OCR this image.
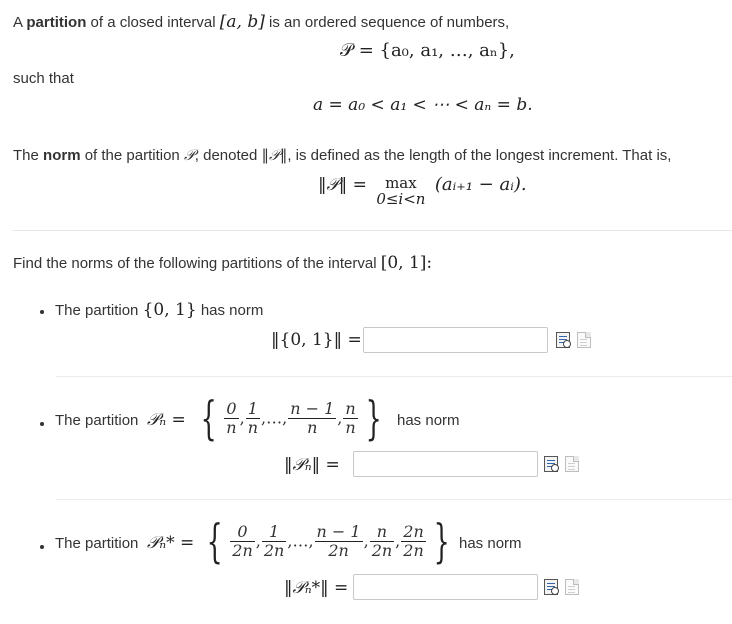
A partition of a closed interval [a, b] is an ordered sequence of numbers,
𝒫 = {a₀, a₁, …, aₙ},
such that
a = a₀ < a₁ < ⋯ < aₙ = b.
The norm of the partition 𝒫, denoted ‖𝒫‖, is defined as the length of the longest increment. That is,
‖𝒫‖ =	max
0≤i<n
(aᵢ₊₁ − aᵢ).
Find the norms of the following partitions of the interval [0, 1]:
The partition {0, 1} has norm
‖{0, 1}‖ =
The partition 𝒫ₙ = { $\frac{0}{n}$ , $\frac{1}{n}$ ,…, $\frac{n - 1}{n}$ , $\frac{n}{n}$ }	has norm
‖𝒫ₙ‖ =
The partition 𝒫ₙ* = { $\frac{0}{2n}$ , $\frac{1}{2n}$ ,…, $\frac{n - 1}{2n}$ , $\frac{n}{2n}$ , $\frac{2n}{2n}$ } has norm
‖𝒫ₙ*‖ =
